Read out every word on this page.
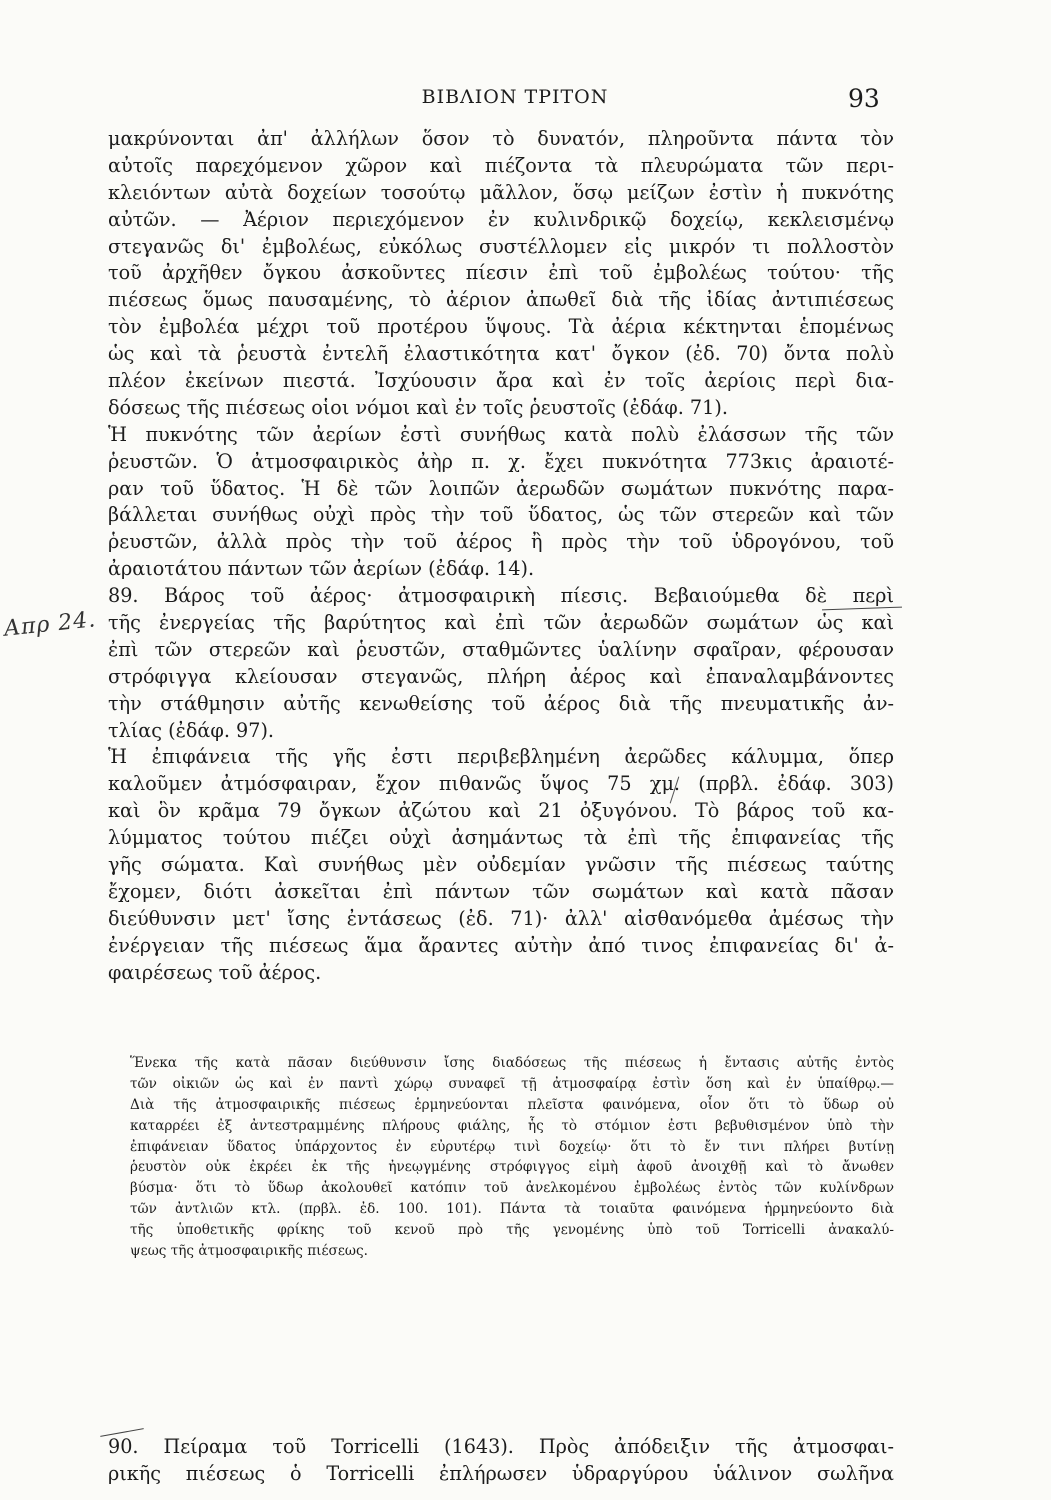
ΒΙΒΛΙΟΝ ΤΡΙΤΟΝ	93
Απρ 24.
μακρύνονται ἀπ' ἀλλήλων ὅσον τὸ δυνατόν, πληροῦντα πάντα τὸν
αὐτοῖς παρεχόμενον χῶρον καὶ πιέζοντα τὰ πλευρώματα τῶν περι-
κλειόντων αὐτὰ δοχείων τοσούτῳ μᾶλλον, ὅσῳ μείζων ἐστὶν ἡ πυκνότης
αὐτῶν. — Ἀέριον περιεχόμενον ἐν κυλινδρικῷ δοχείῳ, κεκλεισμένῳ
στεγανῶς δι' ἐμβολέως, εὐκόλως συστέλλομεν εἰς μικρόν τι πολλοστὸν
τοῦ ἀρχῆθεν ὄγκου ἀσκοῦντες πίεσιν ἐπὶ τοῦ ἐμβολέως τούτου· τῆς
πιέσεως ὅμως παυσαμένης, τὸ ἀέριον ἀπωθεῖ διὰ τῆς ἰδίας ἀντιπιέσεως
τὸν ἐμβολέα μέχρι τοῦ προτέρου ὕψους. Τὰ ἀέρια κέκτηνται ἑπομένως
ὡς καὶ τὰ ῥευστὰ ἐντελῆ ἐλαστικότητα κατ' ὄγκον (ἐδ. 70) ὄντα πολὺ
πλέον ἐκείνων πιεστά. Ἰσχύουσιν ἄρα καὶ ἐν τοῖς ἀερίοις περὶ δια-
δόσεως τῆς πιέσεως οἱοι νόμοι καὶ ἐν τοῖς ῥευστοῖς (ἐδάφ. 71).
Ἡ πυκνότης τῶν ἀερίων ἐστὶ συνήθως κατὰ πολὺ ἐλάσσων τῆς τῶν
ῥευστῶν. Ὁ ἀτμοσφαιρικὸς ἀὴρ π. χ. ἔχει πυκνότητα 773κις ἀραιοτέ-
ραν τοῦ ὕδατος. Ἡ δὲ τῶν λοιπῶν ἀερωδῶν σωμάτων πυκνότης παρα-
βάλλεται συνήθως οὐχὶ πρὸς τὴν τοῦ ὕδατος, ὡς τῶν στερεῶν καὶ τῶν
ῥευστῶν, ἀλλὰ πρὸς τὴν τοῦ ἀέρος ἢ πρὸς τὴν τοῦ ὑδρογόνου, τοῦ
ἀραιοτάτου πάντων τῶν ἀερίων (ἐδάφ. 14).
89. Βάρος τοῦ ἀέρος· ἀτμοσφαιρικὴ πίεσις. Βεβαιούμεθα δὲ περὶ
τῆς ἐνεργείας τῆς βαρύτητος καὶ ἐπὶ τῶν ἀερωδῶν σωμάτων ὡς καὶ
ἐπὶ τῶν στερεῶν καὶ ῥευστῶν, σταθμῶντες ὑαλίνην σφαῖραν, φέρουσαν
στρόφιγγα κλείουσαν στεγανῶς, πλήρη ἀέρος καὶ ἐπαναλαμβάνοντες
τὴν στάθμησιν αὐτῆς κενωθείσης τοῦ ἀέρος διὰ τῆς πνευματικῆς ἀν-
τλίας (ἐδάφ. 97).
Ἡ ἐπιφάνεια τῆς γῆς ἐστι περιβεβλημένη ἀερῶδες κάλυμμα, ὅπερ
καλοῦμεν ἀτμόσφαιραν, ἔχον πιθανῶς ὕψος 75 χμ. (πρβλ. ἐδάφ. 303)
καὶ ὃν κρᾶμα 79 ὄγκων ἀζώτου καὶ 21 ὀξυγόνου. Τὸ βάρος τοῦ κα-
λύμματος τούτου πιέζει οὐχὶ ἀσημάντως τὰ ἐπὶ τῆς ἐπιφανείας τῆς
γῆς σώματα. Καὶ συνήθως μὲν οὐδεμίαν γνῶσιν τῆς πιέσεως ταύτης
ἔχομεν, διότι ἀσκεῖται ἐπὶ πάντων τῶν σωμάτων καὶ κατὰ πᾶσαν
διεύθυνσιν μετ' ἴσης ἐντάσεως (ἐδ. 71)· ἀλλ' αἰσθανόμεθα ἀμέσως τὴν
ἐνέργειαν τῆς πιέσεως ἅμα ἄραντες αὐτὴν ἀπό τινος ἐπιφανείας δι' ἀ-
φαιρέσεως τοῦ ἀέρος.
Ἕνεκα τῆς κατὰ πᾶσαν διεύθυνσιν ἴσης διαδόσεως τῆς πιέσεως ἡ ἔντασις αὐτῆς ἐντὸς
τῶν οἰκιῶν ὡς καὶ ἐν παντὶ χώρῳ συναφεῖ τῇ ἀτμοσφαίρᾳ ἐστὶν ὅση καὶ ἐν ὑπαίθρῳ.—
Διὰ τῆς ἀτμοσφαιρικῆς πιέσεως ἑρμηνεύονται πλεῖστα φαινόμενα, οἷον ὅτι τὸ ὕδωρ οὐ
καταρρέει ἐξ ἀντεστραμμένης πλήρους φιάλης, ἧς τὸ στόμιον ἐστι βεβυθισμένον ὑπὸ τὴν
ἐπιφάνειαν ὕδατος ὑπάρχοντος ἐν εὐρυτέρῳ τινὶ δοχείῳ· ὅτι τὸ ἔν τινι πλήρει βυτίνῃ
ῥευστὸν οὐκ ἐκρέει ἐκ τῆς ἠνεῳγμένης στρόφιγγος εἰμὴ ἀφοῦ ἀνοιχθῇ καὶ τὸ ἄνωθεν
βύσμα· ὅτι τὸ ὕδωρ ἀκολουθεῖ κατόπιν τοῦ ἀνελκομένου ἐμβολέως ἐντὸς τῶν κυλίνδρων
τῶν ἀντλιῶν κτλ. (πρβλ. ἐδ. 100. 101). Πάντα τὰ τοιαῦτα φαινόμενα ἡρμηνεύοντο διὰ
τῆς ὑποθετικῆς φρίκης τοῦ κενοῦ πρὸ τῆς γενομένης ὑπὸ τοῦ Torricelli ἀνακαλύ-
ψεως τῆς ἀτμοσφαιρικῆς πιέσεως.
90. Πείραμα τοῦ Torricelli (1643). Πρὸς ἀπόδειξιν τῆς ἀτμοσφαι-
ρικῆς πιέσεως ὁ Torricelli ἐπλήρωσεν ὑδραργύρου ὑάλινον σωλῆνα
